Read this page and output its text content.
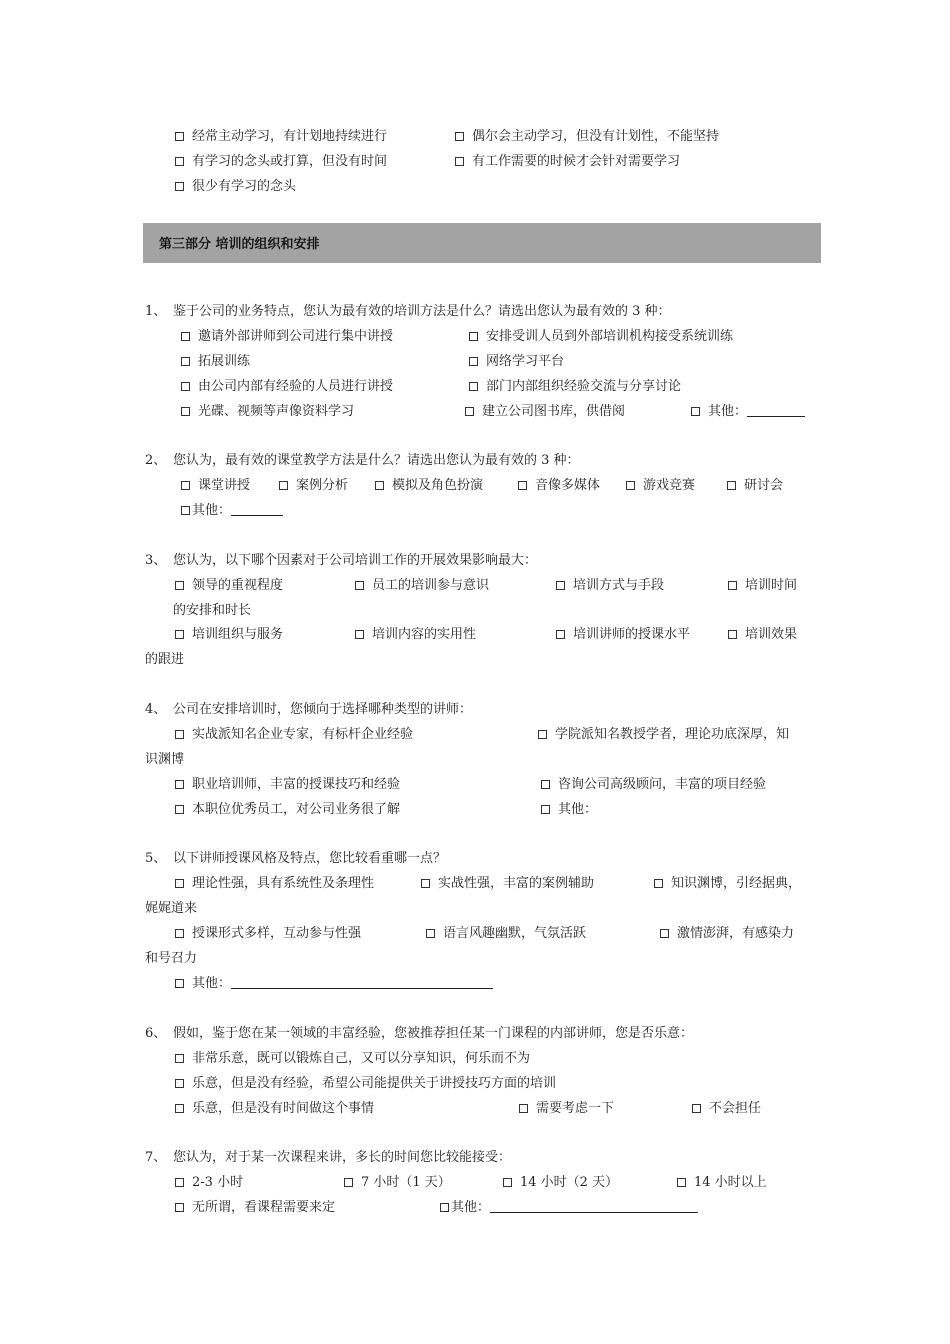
经常主动学习，有计划地持续进行	偶尔会主动学习，但没有计划性，不能坚持
有学习的念头或打算，但没有时间	有工作需要的时候才会针对需要学习
很少有学习的念头
第三部分 培训的组织和安排
1、 鉴于公司的业务特点，您认为最有效的培训方法是什么？请选出您认为最有效的 3 种：
邀请外部讲师到公司进行集中讲授	安排受训人员到外部培训机构接受系统训练
拓展训练	网络学习平台
由公司内部有经验的人员进行讲授	部门内部组织经验交流与分享讨论
光碟、视频等声像资料学习	建立公司图书库，供借阅	其他：
2、 您认为，最有效的课堂教学方法是什么？请选出您认为最有效的 3 种：
课堂讲授	案例分析	模拟及角色扮演	音像多媒体	游戏竞赛	研讨会
其他：
3、 您认为，以下哪个因素对于公司培训工作的开展效果影响最大：
领导的重视程度	员工的培训参与意识	培训方式与手段	培训时间
的安排和时长
培训组织与服务	培训内容的实用性	培训讲师的授课水平	培训效果
的跟进
4、 公司在安排培训时，您倾向于选择哪种类型的讲师：
实战派知名企业专家，有标杆企业经验	学院派知名教授学者，理论功底深厚，知
识渊博
职业培训师，丰富的授课技巧和经验	咨询公司高级顾问，丰富的项目经验
本职位优秀员工，对公司业务很了解	其他：
5、 以下讲师授课风格及特点，您比较看重哪一点？
理论性强，具有系统性及条理性	实战性强，丰富的案例辅助	知识渊博，引经据典，
娓娓道来
授课形式多样，互动参与性强	语言风趣幽默，气氛活跃	激情澎湃，有感染力
和号召力
其他：
6、 假如，鉴于您在某一领域的丰富经验，您被推荐担任某一门课程的内部讲师，您是否乐意：
非常乐意，既可以锻炼自己，又可以分享知识，何乐而不为
乐意，但是没有经验，希望公司能提供关于讲授技巧方面的培训
乐意，但是没有时间做这个事情	需要考虑一下	不会担任
7、 您认为，对于某一次课程来讲，多长的时间您比较能接受：
2-3 小时	7 小时（1 天）	14 小时（2 天）	14 小时以上
无所谓，看课程需要来定	其他：
